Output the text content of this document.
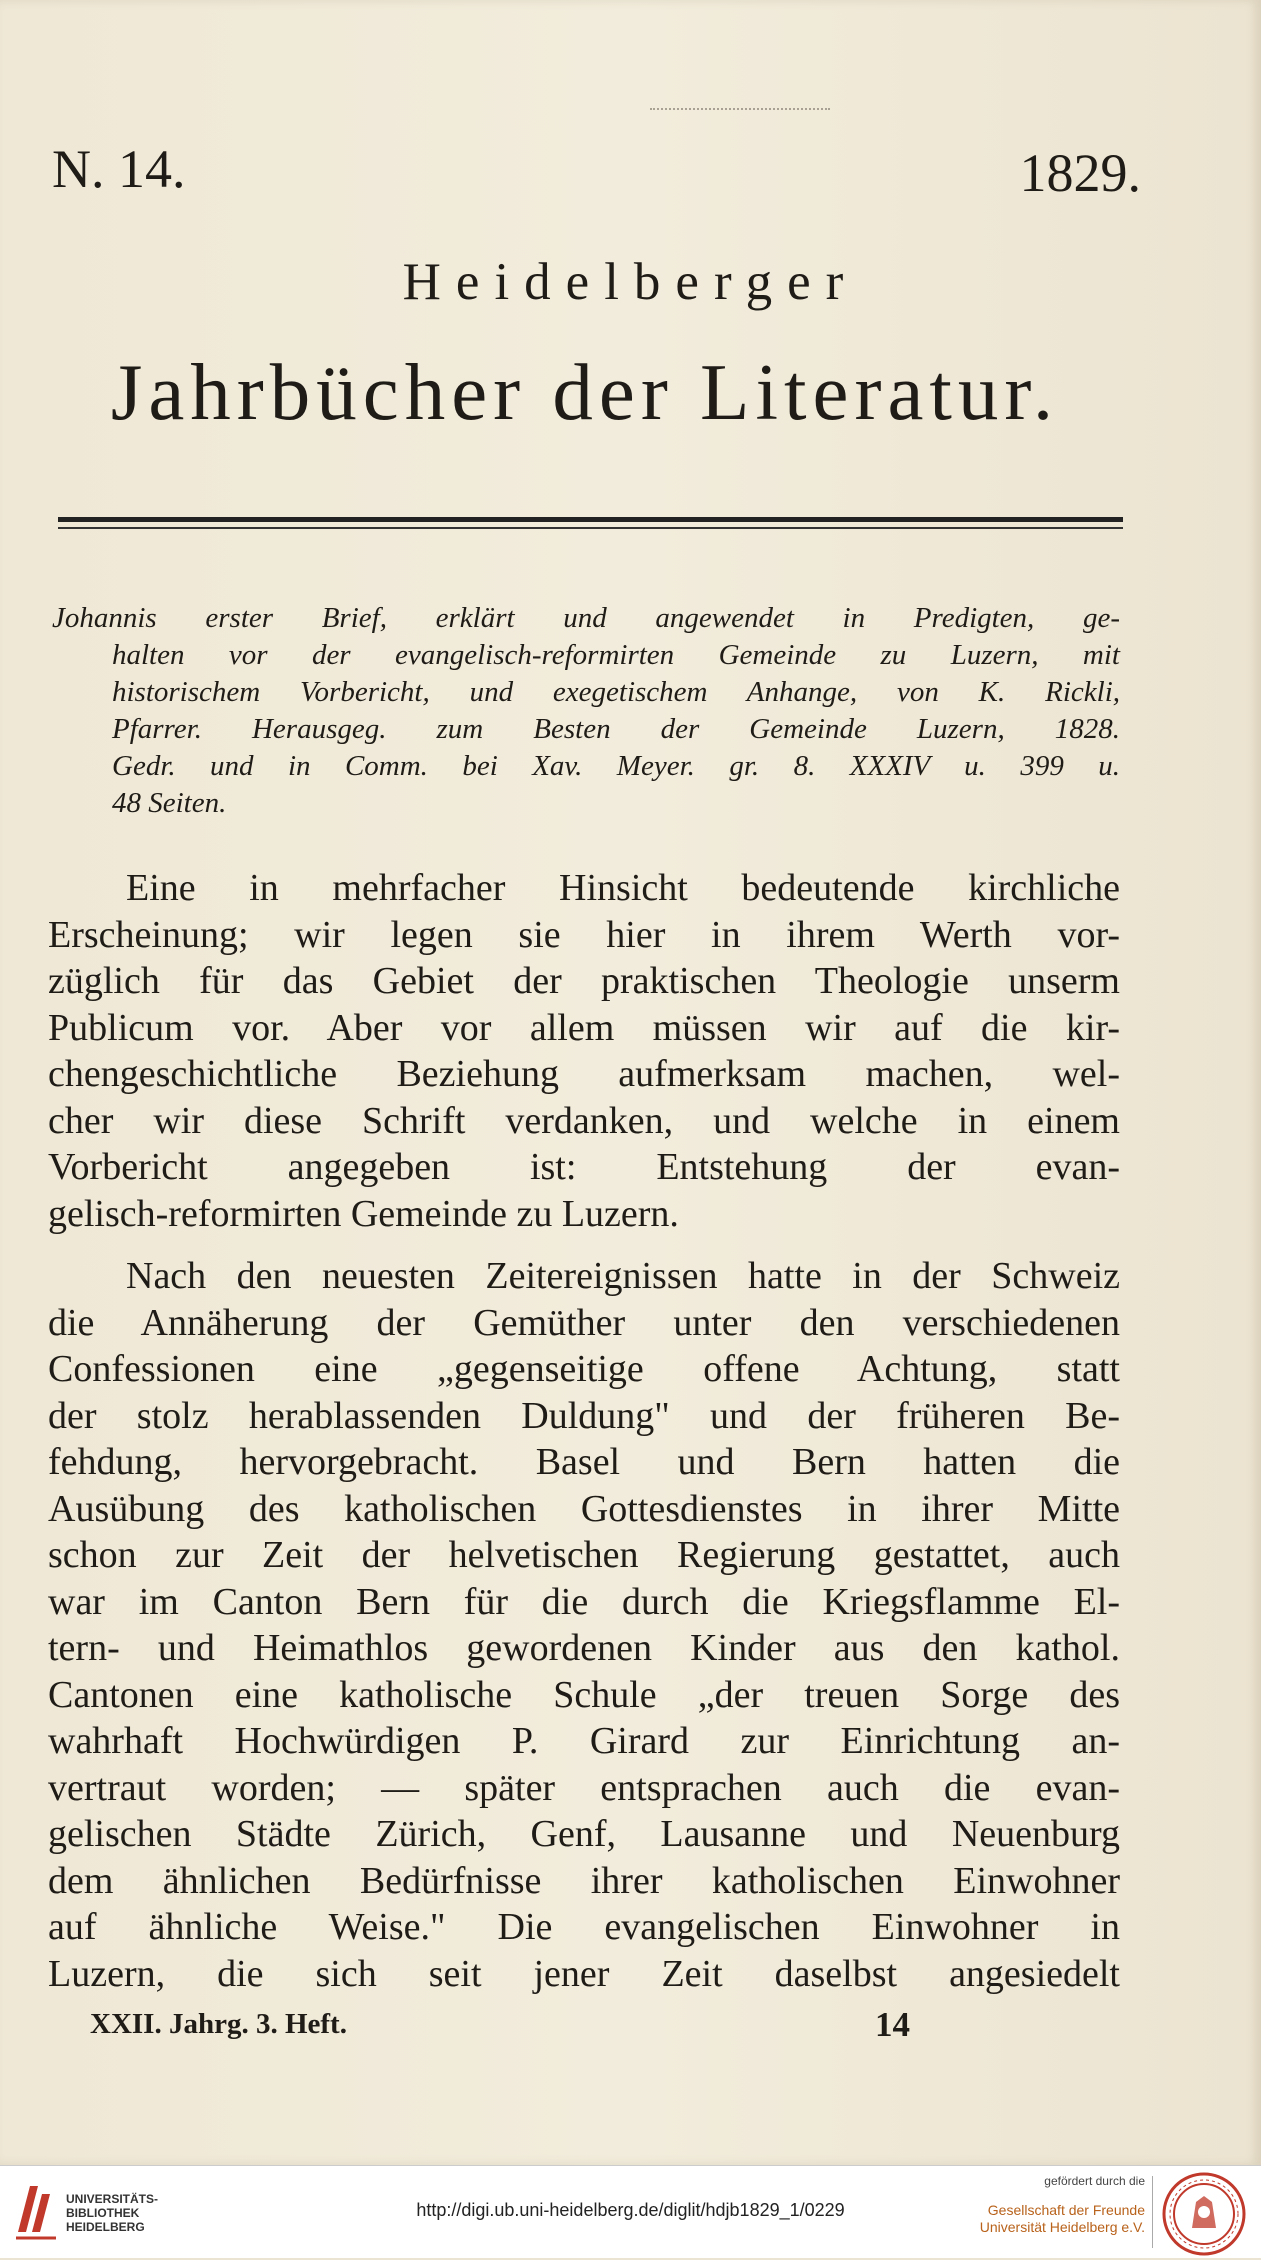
N. 14.	1829.
Heidelberger
Jahrbücher der Literatur.
Johannis erster Brief, erklärt und angewendet in Predigten, ge-
halten vor der evangelisch-reformirten Gemeinde zu Luzern, mit
historischem Vorbericht, und exegetischem Anhange, von K. Rickli,
Pfarrer. Herausgeg. zum Besten der Gemeinde Luzern, 1828.
Gedr. und in Comm. bei Xav. Meyer. gr. 8. XXXIV u. 399 u.
48 Seiten.
Eine in mehrfacher Hinsicht bedeutende kirchliche
Erscheinung; wir legen sie hier in ihrem Werth vor-
züglich für das Gebiet der praktischen Theologie unserm
Publicum vor. Aber vor allem müssen wir auf die kir-
chengeschichtliche Beziehung aufmerksam machen, wel-
cher wir diese Schrift verdanken, und welche in einem
Vorbericht angegeben ist: Entstehung der evan-
gelisch-reformirten Gemeinde zu Luzern.
Nach den neuesten Zeitereignissen hatte in der Schweiz
die Annäherung der Gemüther unter den verschiedenen
Confessionen eine „gegenseitige offene Achtung, statt
der stolz herablassenden Duldung" und der früheren Be-
fehdung, hervorgebracht. Basel und Bern hatten die
Ausübung des katholischen Gottesdienstes in ihrer Mitte
schon zur Zeit der helvetischen Regierung gestattet, auch
war im Canton Bern für die durch die Kriegsflamme El-
tern- und Heimathlos gewordenen Kinder aus den kathol.
Cantonen eine katholische Schule „der treuen Sorge des
wahrhaft Hochwürdigen P. Girard zur Einrichtung an-
vertraut worden; — später entsprachen auch die evan-
gelischen Städte Zürich, Genf, Lausanne und Neuenburg
dem ähnlichen Bedürfnisse ihrer katholischen Einwohner
auf ähnliche Weise." Die evangelischen Einwohner in
Luzern, die sich seit jener Zeit daselbst angesiedelt
XXII. Jahrg. 3. Heft.	14
UNIVERSITÄTS-
BIBLIOTHEK
HEIDELBERG
http://digi.ub.uni-heidelberg.de/diglit/hdjb1829_1/0229
gefördert durch die
Gesellschaft der Freunde
Universität Heidelberg e.V.
